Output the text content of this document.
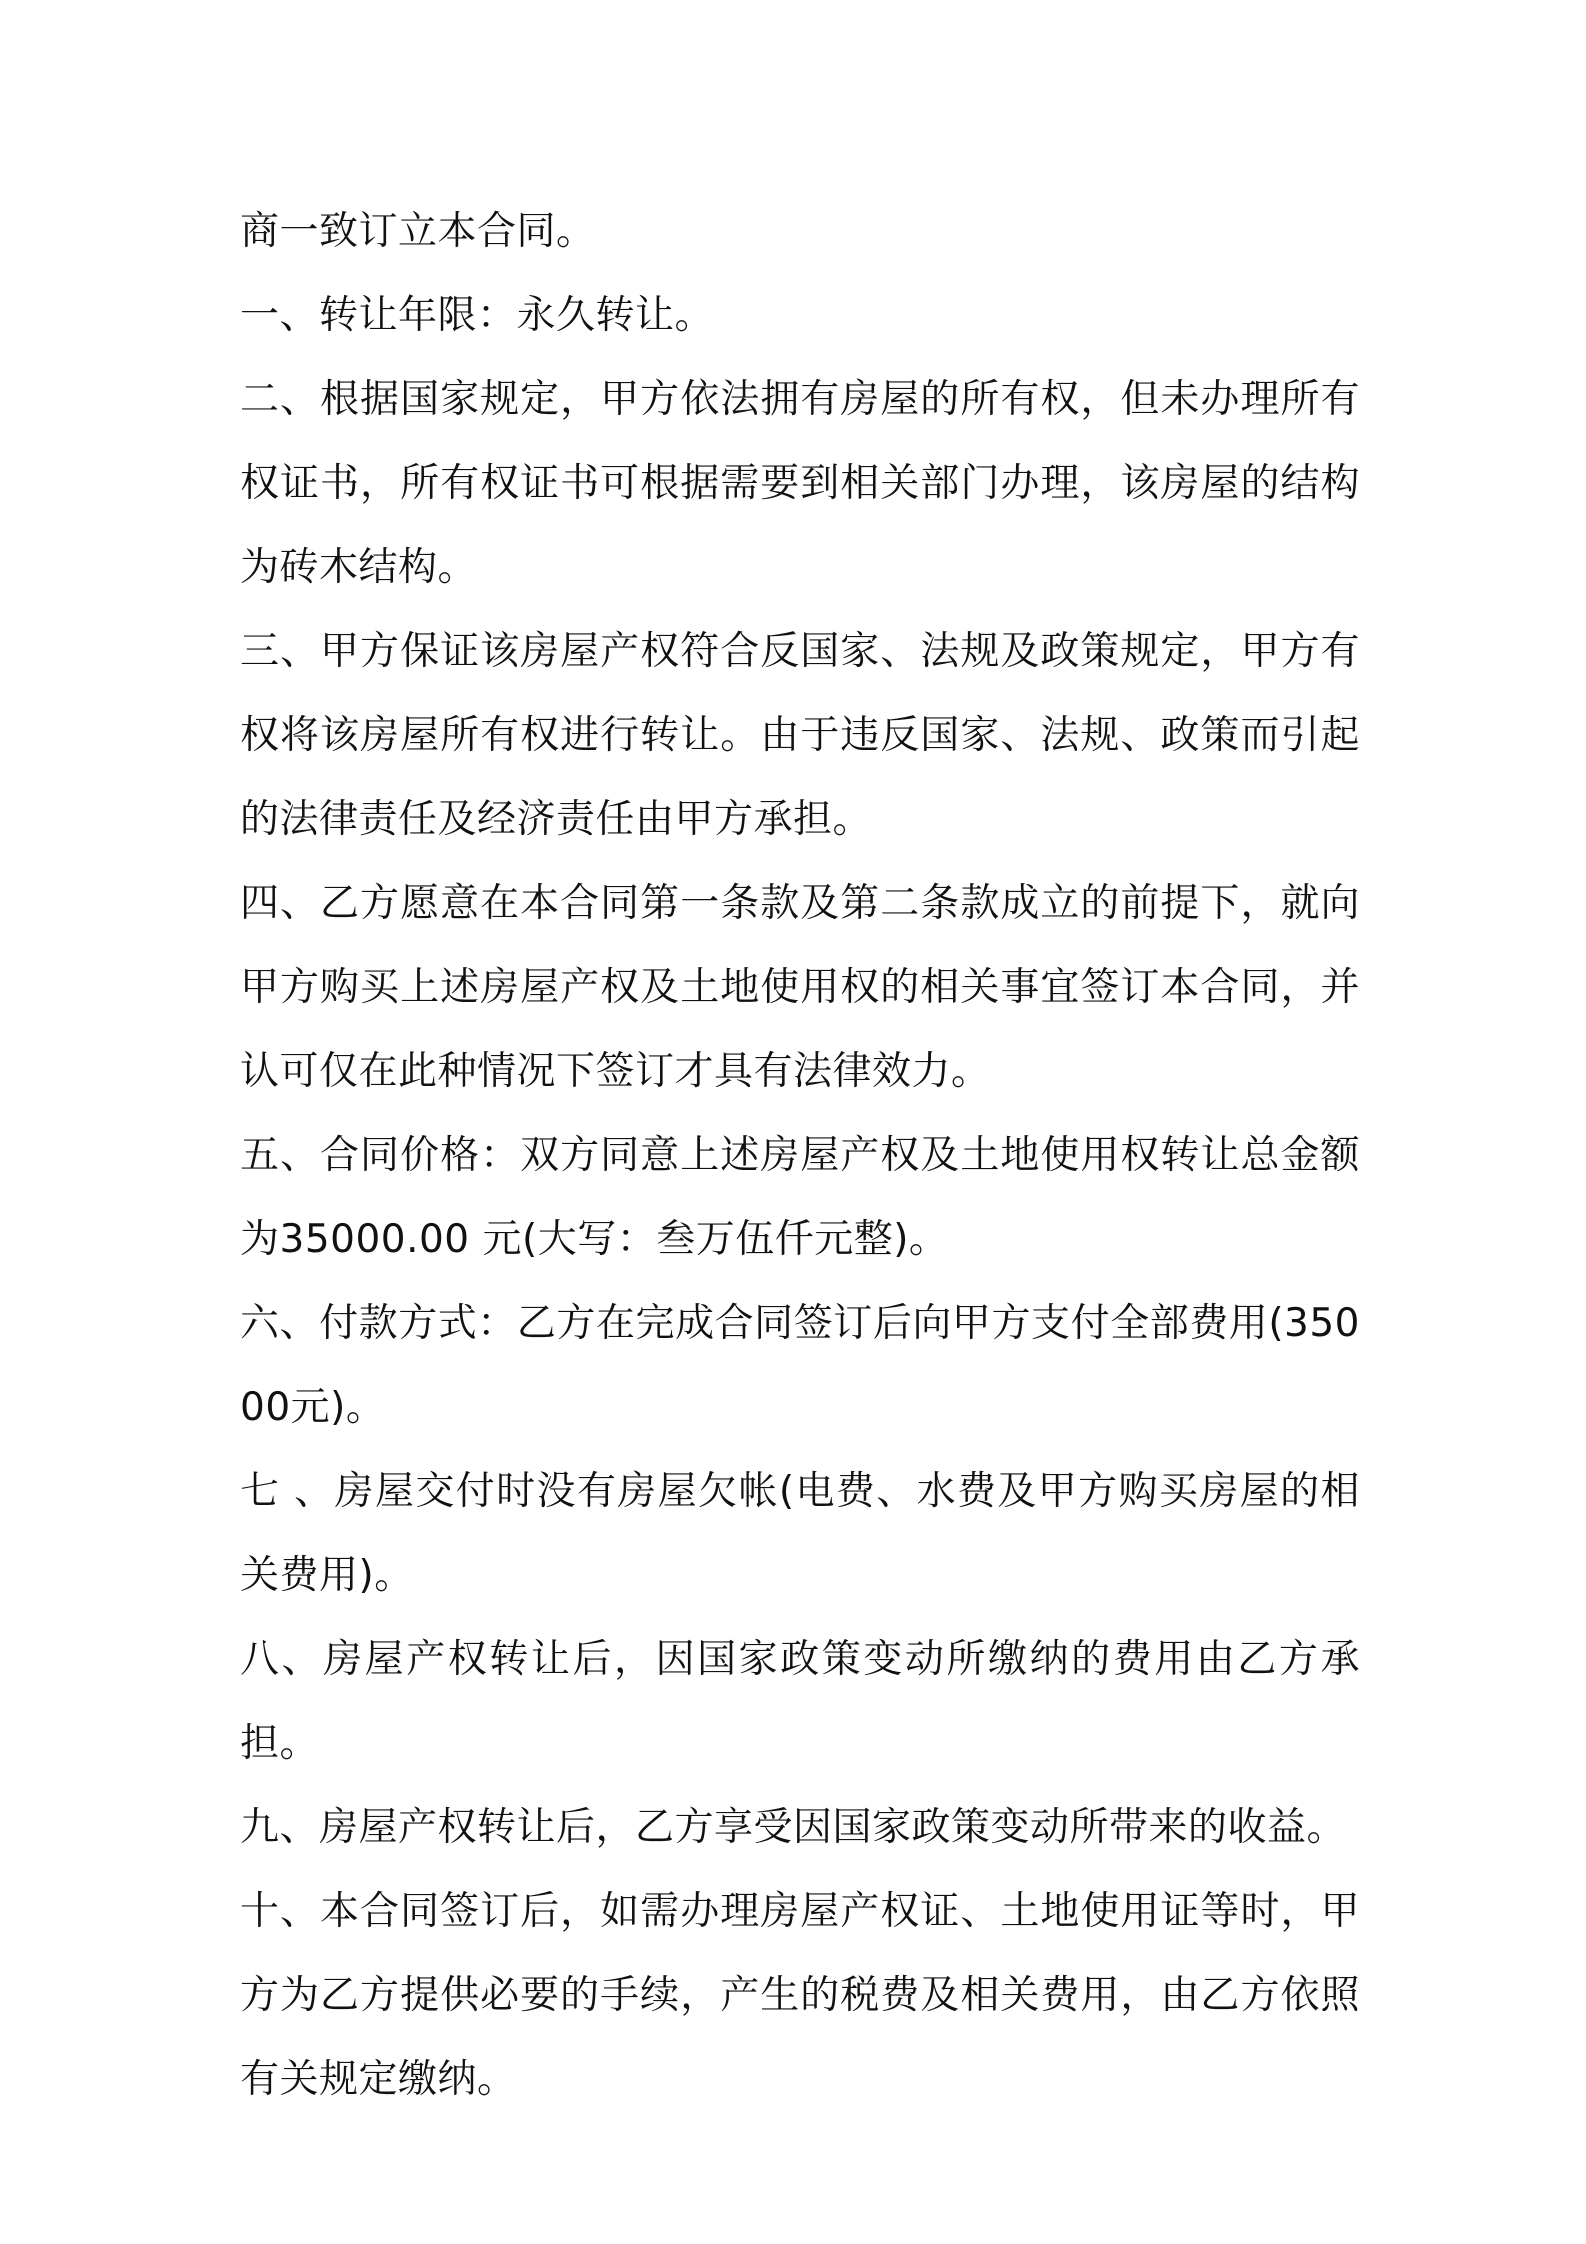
商一致订立本合同。

一、转让年限：永久转让。

二、根据国家规定，甲方依法拥有房屋的所有权，但未办理所有权证书，所有权证书可根据需要到相关部门办理，该房屋的结构为砖木结构。

三、甲方保证该房屋产权符合反国家、法规及政策规定，甲方有权将该房屋所有权进行转让。由于违反国家、法规、政策而引起的法律责任及经济责任由甲方承担。

四、乙方愿意在本合同第一条款及第二条款成立的前提下，就向甲方购买上述房屋产权及土地使用权的相关事宜签订本合同，并认可仅在此种情况下签订才具有法律效力。

五、合同价格：双方同意上述房屋产权及土地使用权转让总金额为35000.00 元(大写：叁万伍仟元整)。

六、付款方式：乙方在完成合同签订后向甲方支付全部费用(35000元)。

七 、房屋交付时没有房屋欠帐(电费、水费及甲方购买房屋的相关费用)。

八、房屋产权转让后，因国家政策变动所缴纳的费用由乙方承担。

九、房屋产权转让后，乙方享受因国家政策变动所带来的收益。

十、本合同签订后，如需办理房屋产权证、土地使用证等时，甲方为乙方提供必要的手续，产生的税费及相关费用，由乙方依照有关规定缴纳。
